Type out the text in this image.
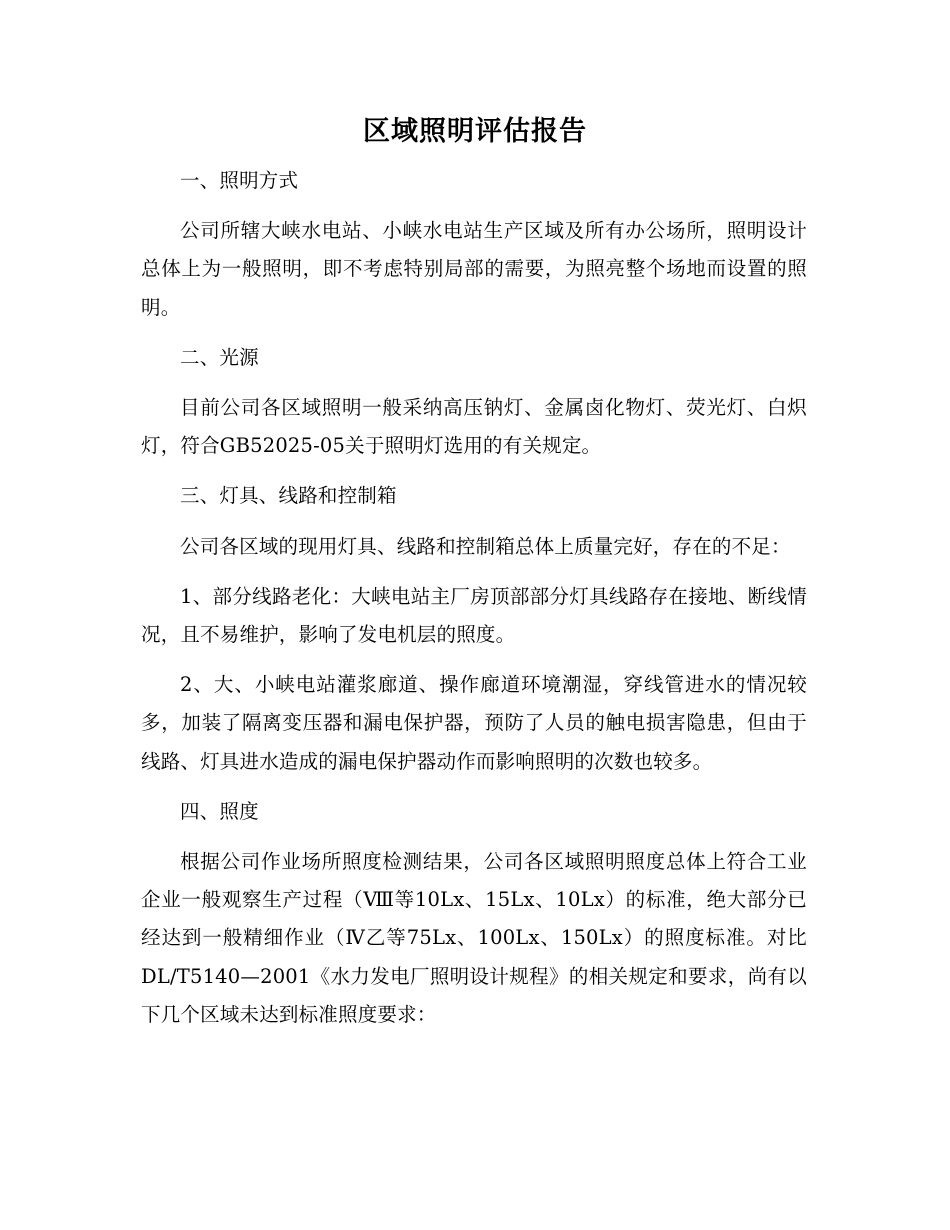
区域照明评估报告

一、照明方式

公司所辖大峡水电站、小峡水电站生产区域及所有办公场所，照明设计总体上为一般照明，即不考虑特别局部的需要，为照亮整个场地而设置的照明。

二、光源

目前公司各区域照明一般采纳高压钠灯、金属卤化物灯、荧光灯、白炽灯，符合GB52025-05关于照明灯选用的有关规定。

三、灯具、线路和控制箱

公司各区域的现用灯具、线路和控制箱总体上质量完好，存在的不足：

1、部分线路老化：大峡电站主厂房顶部部分灯具线路存在接地、断线情况，且不易维护，影响了发电机层的照度。

2、大、小峡电站灌浆廊道、操作廊道环境潮湿，穿线管进水的情况较多，加装了隔离变压器和漏电保护器，预防了人员的触电损害隐患，但由于线路、灯具进水造成的漏电保护器动作而影响照明的次数也较多。

四、照度

根据公司作业场所照度检测结果，公司各区域照明照度总体上符合工业企业一般观察生产过程（Ⅷ等10Lx、15Lx、10Lx）的标准，绝大部分已经达到一般精细作业（Ⅳ乙等75Lx、100Lx、150Lx）的照度标准。对比DL/T5140—2001《水力发电厂照明设计规程》的相关规定和要求，尚有以下几个区域未达到标准照度要求：
